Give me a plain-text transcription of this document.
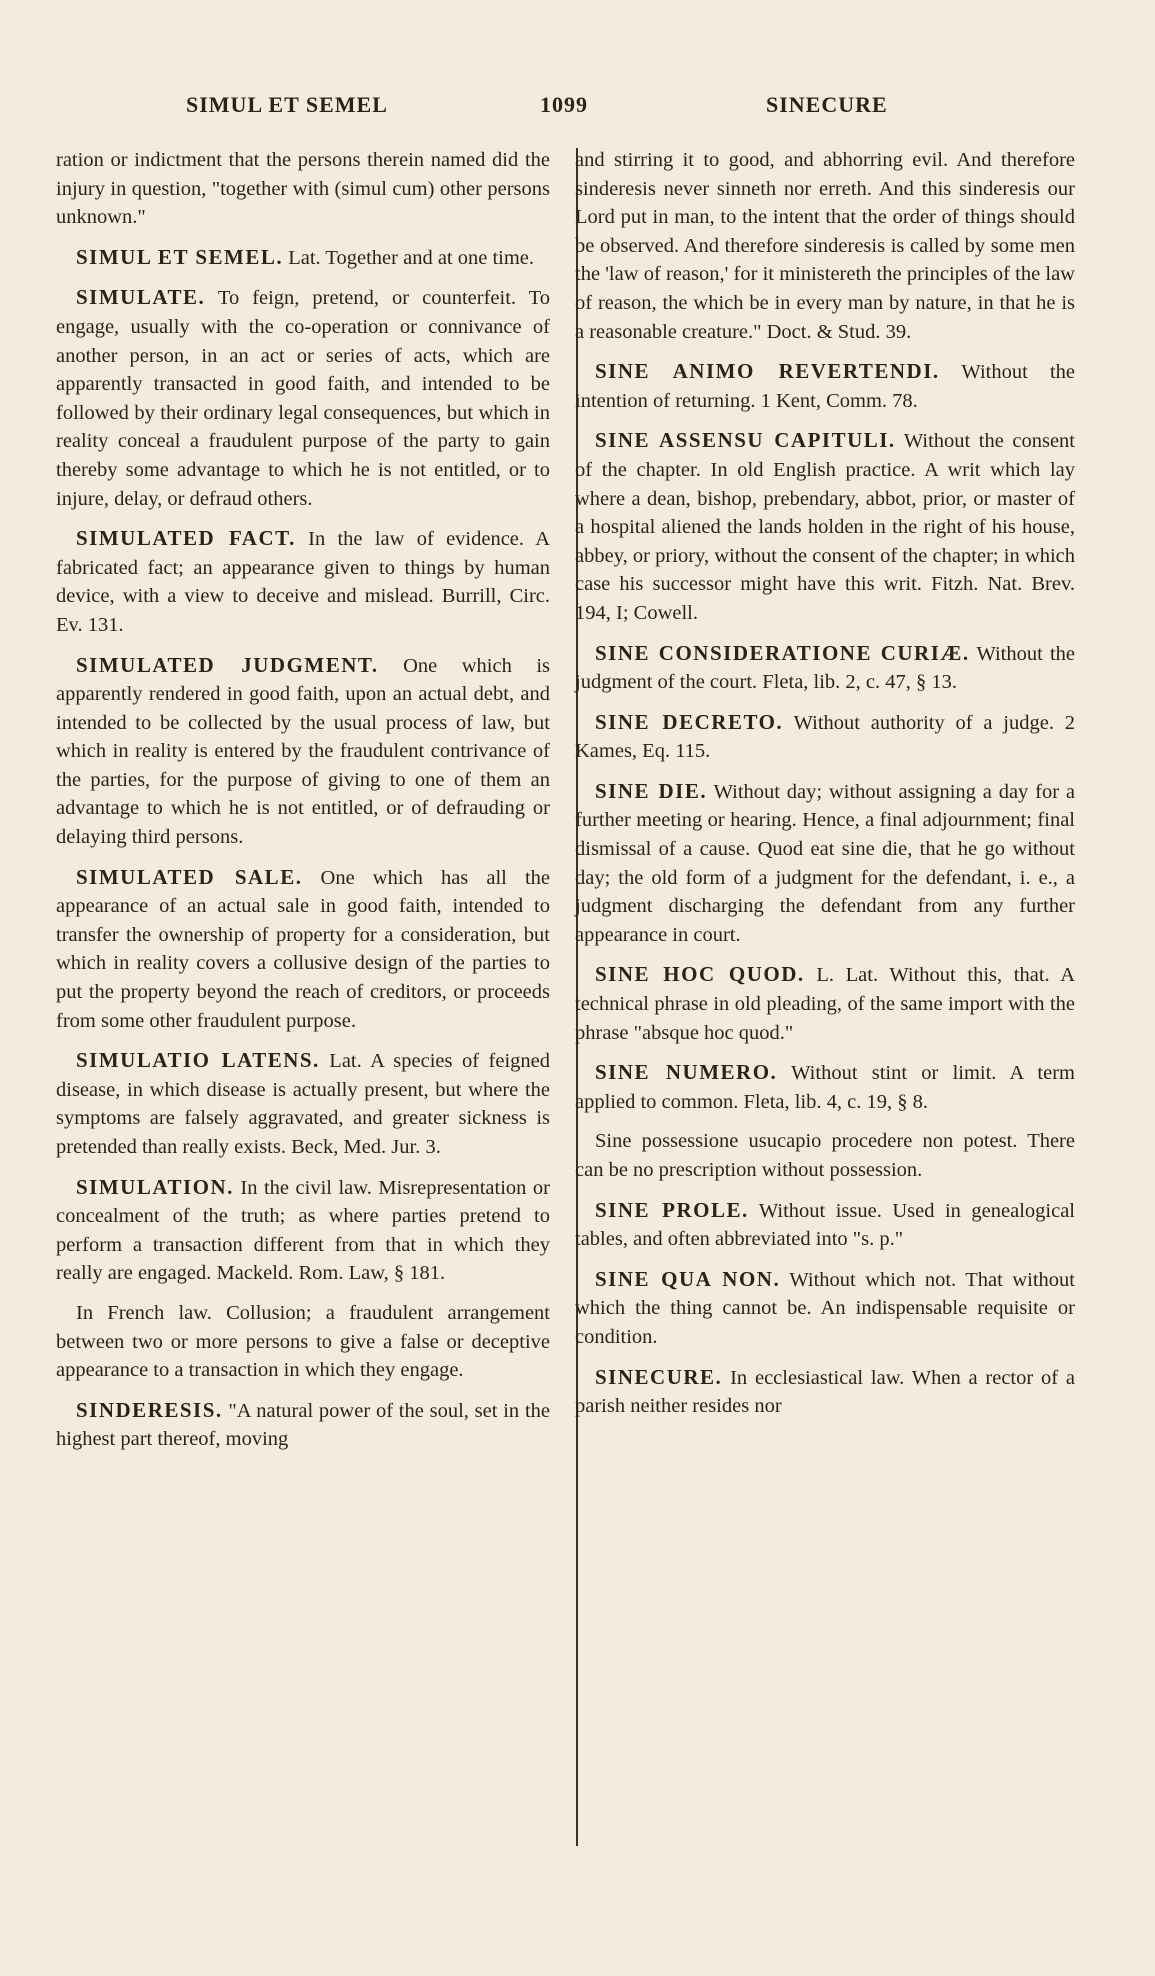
SIMUL ET SEMEL	1099	SINECURE

ration or indictment that the persons therein named did the injury in question, "together with (simul cum) other persons unknown."

SIMUL ET SEMEL. Lat. Together and at one time.

SIMULATE. To feign, pretend, or counterfeit. To engage, usually with the co-operation or connivance of another person, in an act or series of acts, which are apparently transacted in good faith, and intended to be followed by their ordinary legal consequences, but which in reality conceal a fraudulent purpose of the party to gain thereby some advantage to which he is not entitled, or to injure, delay, or defraud others.

SIMULATED FACT. In the law of evidence. A fabricated fact; an appearance given to things by human device, with a view to deceive and mislead. Burrill, Circ. Ev. 131.

SIMULATED JUDGMENT. One which is apparently rendered in good faith, upon an actual debt, and intended to be collected by the usual process of law, but which in reality is entered by the fraudulent contrivance of the parties, for the purpose of giving to one of them an advantage to which he is not entitled, or of defrauding or delaying third persons.

SIMULATED SALE. One which has all the appearance of an actual sale in good faith, intended to transfer the ownership of property for a consideration, but which in reality covers a collusive design of the parties to put the property beyond the reach of creditors, or proceeds from some other fraudulent purpose.

SIMULATIO LATENS. Lat. A species of feigned disease, in which disease is actually present, but where the symptoms are falsely aggravated, and greater sickness is pretended than really exists. Beck, Med. Jur. 3.

SIMULATION. In the civil law. Misrepresentation or concealment of the truth; as where parties pretend to perform a transaction different from that in which they really are engaged. Mackeld. Rom. Law, § 181.

In French law. Collusion; a fraudulent arrangement between two or more persons to give a false or deceptive appearance to a transaction in which they engage.

SINDERESIS. "A natural power of the soul, set in the highest part thereof, moving

and stirring it to good, and abhorring evil. And therefore sinderesis never sinneth nor erreth. And this sinderesis our Lord put in man, to the intent that the order of things should be observed. And therefore sinderesis is called by some men the 'law of reason,' for it ministereth the principles of the law of reason, the which be in every man by nature, in that he is a reasonable creature." Doct. & Stud. 39.

SINE ANIMO REVERTENDI. Without the intention of returning. 1 Kent, Comm. 78.

SINE ASSENSU CAPITULI. Without the consent of the chapter. In old English practice. A writ which lay where a dean, bishop, prebendary, abbot, prior, or master of a hospital aliened the lands holden in the right of his house, abbey, or priory, without the consent of the chapter; in which case his successor might have this writ. Fitzh. Nat. Brev. 194, I; Cowell.

SINE CONSIDERATIONE CURIÆ. Without the judgment of the court. Fleta, lib. 2, c. 47, § 13.

SINE DECRETO. Without authority of a judge. 2 Kames, Eq. 115.

SINE DIE. Without day; without assigning a day for a further meeting or hearing. Hence, a final adjournment; final dismissal of a cause. Quod eat sine die, that he go without day; the old form of a judgment for the defendant, i. e., a judgment discharging the defendant from any further appearance in court.

SINE HOC QUOD. L. Lat. Without this, that. A technical phrase in old pleading, of the same import with the phrase "absque hoc quod."

SINE NUMERO. Without stint or limit. A term applied to common. Fleta, lib. 4, c. 19, § 8.

Sine possessione usucapio procedere non potest. There can be no prescription without possession.

SINE PROLE. Without issue. Used in genealogical tables, and often abbreviated into "s. p."

SINE QUA NON. Without which not. That without which the thing cannot be. An indispensable requisite or condition.

SINECURE. In ecclesiastical law. When a rector of a parish neither resides nor
